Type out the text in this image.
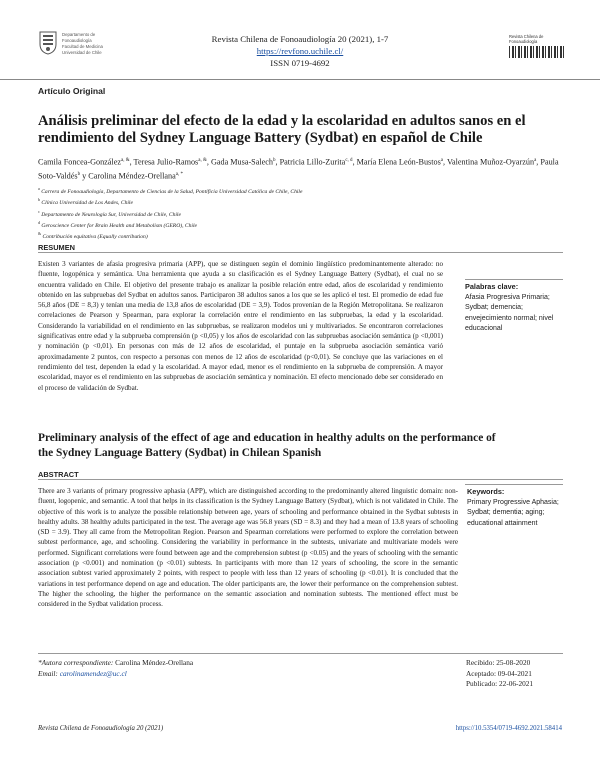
Departamento de
Fonoaudiología
Facultad de Medicina
Universidad de Chile
Revista Chilena de Fonoaudiología 20 (2021), 1-7
https://revfono.uchile.cl/
ISSN 0719-4692
Revista Chilena de
Fonoaudiología
Artículo Original
Análisis preliminar del efecto de la edad y la escolaridad en adultos sanos en el rendimiento del Sydney Language Battery (Sydbat) en español de Chile
Camila Foncea-González$^{a, \&}$, Teresa Julio-Ramos$^{a, \&}$, Gada Musa-Salech$^b$, Patricia Lillo-Zurita$^{c, d}$, María Elena León-Bustos$^a$, Valentina Muñoz-Oyarzún$^a$, Paula Soto-Valdés$^b$ y Carolina Méndez-Orellana$^{a, *}$
$^a$ Carrera de Fonoaudiología, Departamento de Ciencias de la Salud, Pontificia Universidad Católica de Chile, Chile
$^b$ Clínica Universidad de Los Andes, Chile
$^c$ Departamento de Neurología Sur, Universidad de Chile, Chile
$^d$ Geroscience Center for Brain Health and Metabolism (GERO), Chile
& Contribución equitativa (Equally contribution)
RESUMEN
Existen 3 variantes de afasia progresiva primaria (APP), que se distinguen según el dominio lingüístico predominantemente alterado: no fluente, logopénica y semántica. Una herramienta que ayuda a su clasificación es el Sydney Language Battery (Sydbat), el cual no se encuentra validado en Chile. El objetivo del presente trabajo es analizar la posible relación entre edad, años de escolaridad y rendimiento obtenido en las subpruebas del Sydbat en adultos sanos. Participaron 38 adultos sanos a los que se les aplicó el test. El promedio de edad fue 56,8 años (DE = 8,3) y tenían una media de 13,8 años de escolaridad (DE = 3,9). Todos provenían de la Región Metropolitana. Se realizaron correlaciones de Pearson y Spearman, para explorar la correlación entre el rendimiento en las subpruebas, la edad y la escolaridad. Considerando la variabilidad en el rendimiento en las subpruebas, se realizaron modelos uni y multivariados. Se encontraron correlaciones significativas entre edad y la subprueba comprensión (p <0,05) y los años de escolaridad con las subpruebas asociación semántica (p <0,001) y nominación (p <0,01). En personas con más de 12 años de escolaridad, el puntaje en la subprueba asociación semántica varió aproximadamente 2 puntos, con respecto a personas con menos de 12 años de escolaridad (p<0,01). Se concluye que las variaciones en el rendimiento del test, dependen la edad y la escolaridad. A mayor edad, menor es el rendimiento en la subprueba de comprensión. A mayor escolaridad, mayor es el rendimiento en las subpruebas de asociación semántica y nominación. El efecto mencionado debe ser considerado en el proceso de validación de Sydbat.
Palabras clave:
Afasia Progresiva Primaria; Sydbat; demencia; envejecimiento normal; nivel educacional
Preliminary analysis of the effect of age and education in healthy adults on the performance of the Sydney Language Battery (Sydbat) in Chilean Spanish
ABSTRACT
There are 3 variants of primary progressive aphasia (APP), which are distinguished according to the predominantly altered linguistic domain: non-fluent, logopenic, and semantic. A tool that helps in its classification is the Sydney Language Battery (Sydbat), which is not validated in Chile. The objective of this work is to analyze the possible relationship between age, years of schooling and performance obtained in the Sydbat subtests in healthy adults. 38 healthy adults participated in the test. The average age was 56.8 years (SD = 8.3) and they had a mean of 13.8 years of schooling (SD = 3.9). They all came from the Metropolitan Region. Pearson and Spearman correlations were performed to explore the correlation between subtest performance, age, and schooling. Considering the variability in performance in the subtests, univariate and multivariate models were performed. Significant correlations were found between age and the comprehension subtest (p <0.05) and the years of schooling with the semantic association (p <0.001) and nomination (p <0.01) subtests. In participants with more than 12 years of schooling, the score in the semantic association subtest varied approximately 2 points, with respect to people with less than 12 years of schooling (p <0.01). It is concluded that the variations in test performance depend on age and education. The older participants are, the lower their performance on the comprehension subtest. The higher the schooling, the higher the performance on the semantic association and nomination subtests. The mentioned effect must be considered in the Sydbat validation process.
Keywords:
Primary Progressive Aphasia; Sydbat; dementia; aging; educational attainment
*Autora correspondiente: Carolina Méndez-Orellana
Email: carolinamendez@uc.cl
Recibido: 25-08-2020
Aceptado: 09-04-2021
Publicado: 22-06-2021
Revista Chilena de Fonoaudiología 20 (2021)	https://10.5354/0719-4692.2021.58414
